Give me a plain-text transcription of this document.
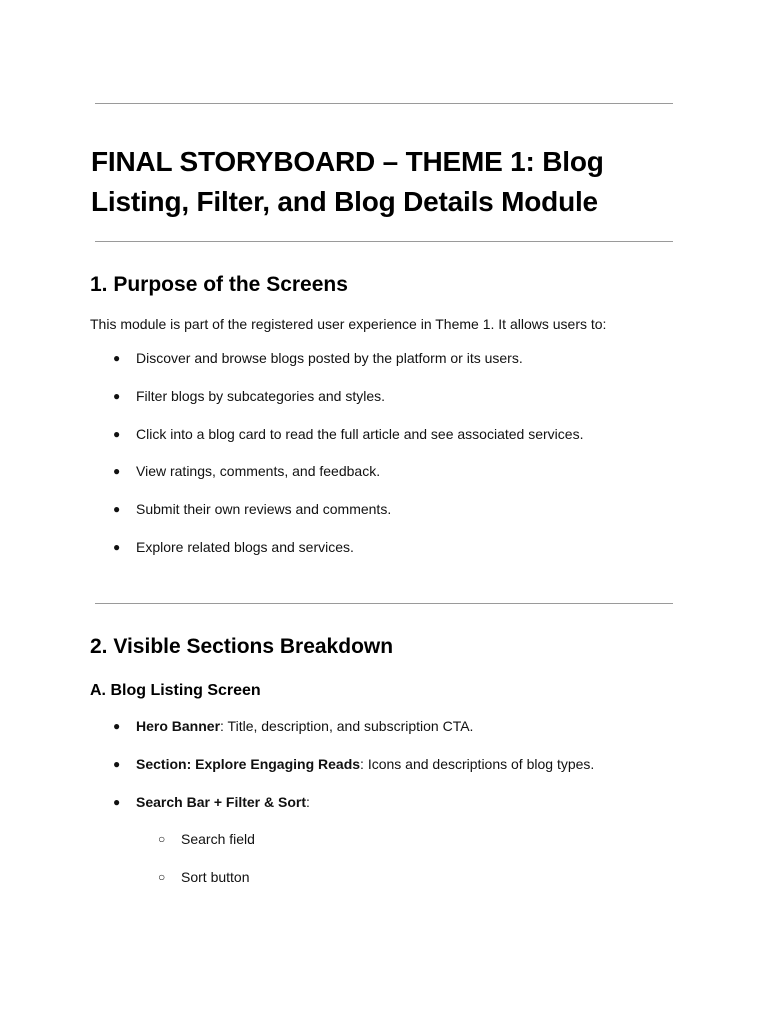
FINAL STORYBOARD – THEME 1: Blog Listing, Filter, and Blog Details Module
1. Purpose of the Screens

This module is part of the registered user experience in Theme 1. It allows users to:

● Discover and browse blogs posted by the platform or its users.
● Filter blogs by subcategories and styles.
● Click into a blog card to read the full article and see associated services.
● View ratings, comments, and feedback.
● Submit their own reviews and comments.
● Explore related blogs and services.
2. Visible Sections Breakdown
A. Blog Listing Screen
● Hero Banner: Title, description, and subscription CTA.
● Section: Explore Engaging Reads: Icons and descriptions of blog types.
● Search Bar + Filter & Sort:
○ Search field
○ Sort button
